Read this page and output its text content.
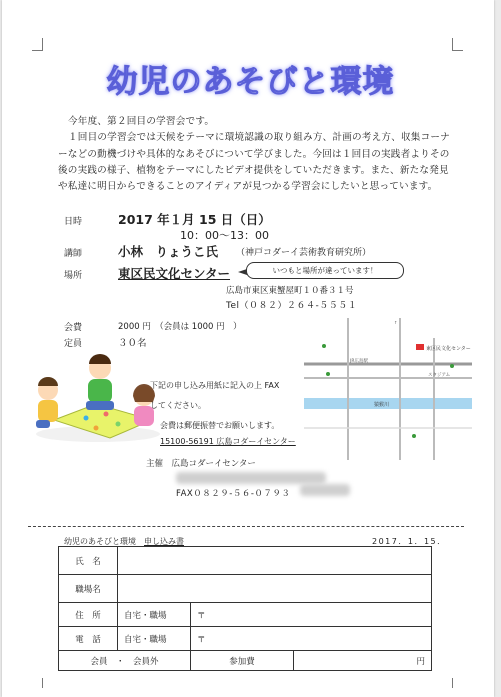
幼児のあそびと環境
今年度、第２回目の学習会です。
１回目の学習会では天候をテーマに環境認識の取り組み方、計画の考え方、収集コーナ
ーなどの動機づけや具体的なあそびについて学びました。今回は１回目の実践者よりその
後の実践の様子、植物をテーマにしたビデオ提供をしていただきます。また、新たな発見
や私達に明日からできることのアイディアが見つかる学習会にしたいと思っています。
日時	2017 年１月 15 日（日）
10：00～13：00
講師	小林　りょうこ氏 （神戸コダーイ芸術教育研究所）
場所	東区民文化センター	いつもと場所が違っています！
広島市東区東蟹屋町１０番３１号
Tel（０８２）２６４-５５５１
会費	2000 円　（会員は 1000 円　）
定員	３０名
猿猴川
東区民文化センター
JR広島駅
スタジアム
↑
下記の申し込み用紙に記入の上 FAX
してください。
会費は郵便振替でお願いします。
15100-56191 広島コダーイセンター
主催　広島コダーイセンター
FAX０８２９-５６-０７９３
幼児のあそびと環境　 申し込み書	2017．1．15．
氏　名			
職場名			
住　所	自宅・職場	〒	
電　話	自宅・職場	〒	
会員　・　会員外		参加費	円
